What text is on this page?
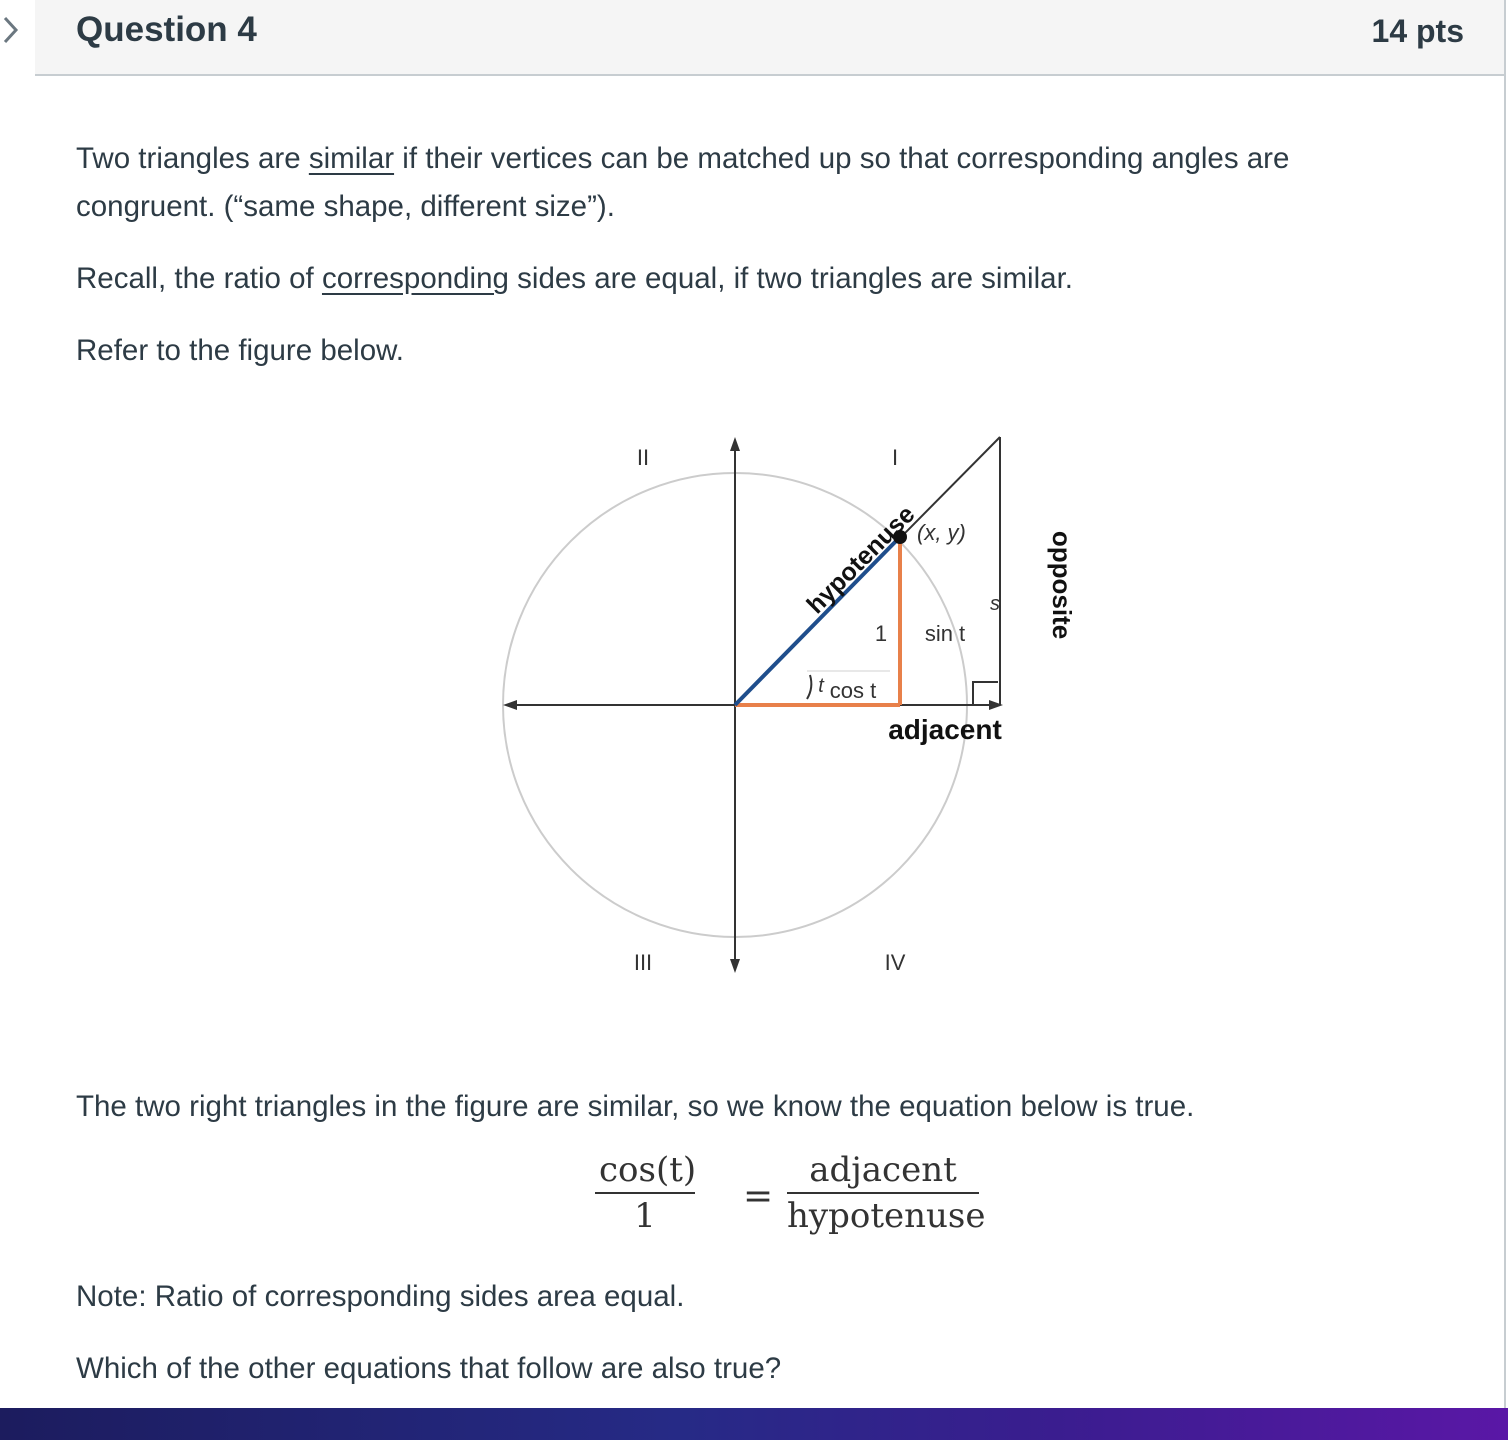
Question 4	14 pts

Two triangles are similar if their vertices can be matched up so that corresponding angles are congruent. (“same shape, different size”).

Recall, the ratio of corresponding sides are equal, if two triangles are similar.

Refer to the figure below.

The two right triangles in the figure are similar, so we know the equation below is true.

Note: Ratio of corresponding sides area equal.

Which of the other equations that follow are also true?

II	I
III	IV
hypotenuse
(x, y)
s
1 sin t
cos t
t
adjacent
opposite
cos(t)
1	=
adjacent
hypotenuse
